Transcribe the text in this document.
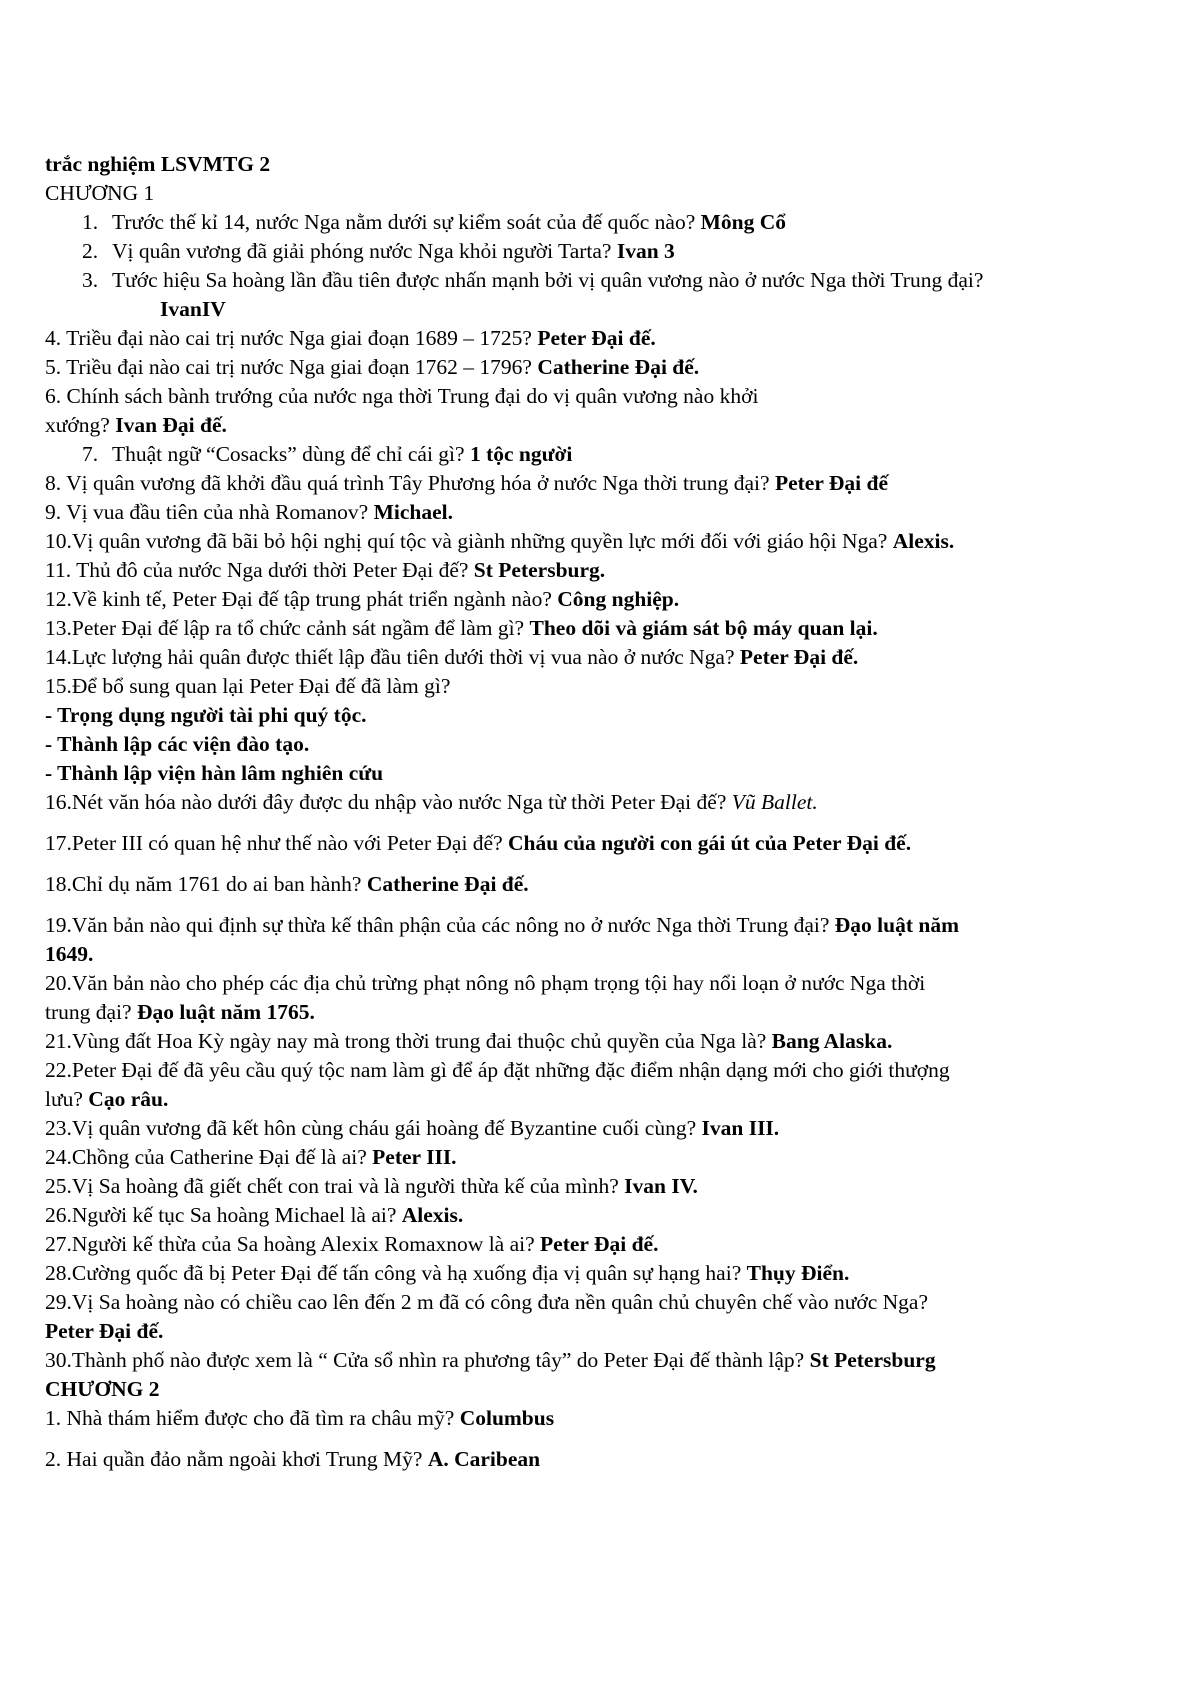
trắc nghiệm LSVMTG 2
CHƯƠNG 1
1. Trước thế kỉ 14, nước Nga nằm dưới sự kiểm soát của đế quốc nào? Mông Cổ
2. Vị quân vương đã giải phóng nước Nga khỏi người Tarta? Ivan 3
3. Tước hiệu Sa hoàng lần đầu tiên được nhấn mạnh bởi vị quân vương nào ở nước Nga thời Trung đại?
IvanIV
4. Triều đại nào cai trị nước Nga giai đoạn 1689 – 1725? Peter Đại đế.
5. Triều đại nào cai trị nước Nga giai đoạn 1762 – 1796? Catherine Đại đế.
6. Chính sách bành trướng của nước nga thời Trung đại do vị quân vương nào khởi
xướng? Ivan Đại đế.
7. Thuật ngữ “Cosacks” dùng để chỉ cái gì? 1 tộc người
8. Vị quân vương đã khởi đầu quá trình Tây Phương hóa ở nước Nga thời trung đại? Peter Đại đế
9. Vị vua đầu tiên của nhà Romanov? Michael.
10.Vị quân vương đã bãi bỏ hội nghị quí tộc và giành những quyền lực mới đối với giáo hội Nga? Alexis.
11. Thủ đô của nước Nga dưới thời Peter Đại đế? St Petersburg.
12.Về kinh tế, Peter Đại đế tập trung phát triển ngành nào? Công nghiệp.
13.Peter Đại đế lập ra tổ chức cảnh sát ngầm để làm gì? Theo dõi và giám sát bộ máy quan lại.
14.Lực lượng hải quân được thiết lập đầu tiên dưới thời vị vua nào ở nước Nga? Peter Đại đế.
15.Để bổ sung quan lại Peter Đại đế đã làm gì?
- Trọng dụng người tài phi quý tộc.
- Thành lập các viện đào tạo.
- Thành lập viện hàn lâm nghiên cứu
16.Nét văn hóa nào dưới đây được du nhập vào nước Nga từ thời Peter Đại đế? Vũ Ballet.
17.Peter III có quan hệ như thế nào với Peter Đại đế? Cháu của người con gái út của Peter Đại đế.
18.Chỉ dụ năm 1761 do ai ban hành? Catherine Đại đế.
19.Văn bản nào qui định sự thừa kế thân phận của các nông no ở nước Nga thời Trung đại? Đạo luật năm
1649.
20.Văn bản nào cho phép các địa chủ trừng phạt nông nô phạm trọng tội hay nổi loạn ở nước Nga thời
trung đại? Đạo luật năm 1765.
21.Vùng đất Hoa Kỳ ngày nay mà trong thời trung đai thuộc chủ quyền của Nga là? Bang Alaska.
22.Peter Đại đế đã yêu cầu quý tộc nam làm gì để áp đặt những đặc điểm nhận dạng mới cho giới thượng
lưu? Cạo râu.
23.Vị quân vương đã kết hôn cùng cháu gái hoàng đế Byzantine cuối cùng? Ivan III.
24.Chồng của Catherine Đại đế là ai? Peter III.
25.Vị Sa hoàng đã giết chết con trai và là người thừa kế của mình? Ivan IV.
26.Người kế tục Sa hoàng Michael là ai? Alexis.
27.Người kế thừa của Sa hoàng Alexix Romaxnow là ai? Peter Đại đế.
28.Cường quốc đã bị Peter Đại đế tấn công và hạ xuống địa vị quân sự hạng hai? Thụy Điển.
29.Vị Sa hoàng nào có chiều cao lên đến 2 m đã có công đưa nền quân chủ chuyên chế vào nước Nga?
Peter Đại đế.
30.Thành phố nào được xem là “ Cửa sổ nhìn ra phương tây” do Peter Đại đế thành lập? St Petersburg
CHƯƠNG 2
1. Nhà thám hiểm được cho đã tìm ra châu mỹ? Columbus
2. Hai quần đảo nằm ngoài khơi Trung Mỹ? A. Caribean
